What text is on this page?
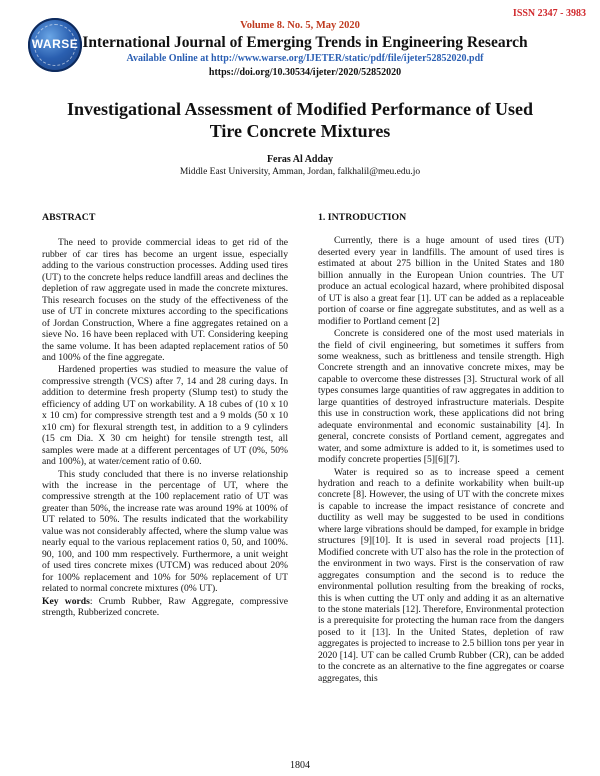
WARSE
ISSN 2347 - 3983
Volume 8. No. 5, May 2020
International Journal of Emerging Trends in Engineering Research
Available Online at http://www.warse.org/IJETER/static/pdf/file/ijeter52852020.pdf
https://doi.org/10.30534/ijeter/2020/52852020
Investigational Assessment of Modified Performance of Used Tire Concrete Mixtures
Feras Al Adday
Middle East University, Amman, Jordan, falkhalil@meu.edu.jo
ABSTRACT

The need to provide commercial ideas to get rid of the rubber of car tires has become an urgent issue, especially adding to the various construction processes. Adding used tires (UT) to the concrete helps reduce landfill areas and declines the depletion of raw aggregate used in made the concrete mixtures. This research focuses on the study of the effectiveness of the use of UT in concrete mixtures according to the specifications of Jordan Construction, Where a fine aggregates retained on a sieve No. 16 have been replaced with UT. Considering keeping the same volume. It has been adapted replacement ratios of 50 and 100% of the fine aggregate.

Hardened properties was studied to measure the value of compressive strength (VCS) after 7, 14 and 28 curing days. In addition to determine fresh property (Slump test) to study the efficiency of adding UT on workability. A 18 cubes of (10 x 10 x 10 cm) for compressive strength test and a 9 molds (50 x 10 x10 cm) for flexural strength test, in addition to a 9 cylinders (15 cm Dia. X 30 cm height) for tensile strength test, all samples were made at a different percentages of UT (0%, 50% and 100%), at water/cement ratio of 0.60.

This study concluded that there is no inverse relationship with the increase in the percentage of UT, where the compressive strength at the 100 replacement ratio of UT was greater than 50%, the increase rate was around 19% at 100% of UT related to 50%. The results indicated that the workability value was not considerably affected, where the slump value was nearly equal to the various replacement ratios 0, 50, and 100%. 90, 100, and 100 mm respectively. Furthermore, a unit weight of used tires concrete mixes (UTCM) was reduced about 20% for 100% replacement and 10% for 50% replacement of UT related to normal concrete mixtures (0% UT).

Key words: Crumb Rubber, Raw Aggregate, compressive strength, Rubberized concrete.

1. INTRODUCTION

Currently, there is a huge amount of used tires (UT) deserted every year in landfills. The amount of used tires is estimated at about 275 billion in the United States and 180 billion annually in the European Union countries. The UT produce an actual ecological hazard, where prohibited disposal of UT is also a great fear [1]. UT can be added as a replaceable portion of coarse or fine aggregate substitutes, and as well as a modifier to Portland cement [2]

Concrete is considered one of the most used materials in the field of civil engineering, but sometimes it suffers from some weakness, such as brittleness and tensile strength. High Concrete strength and an innovative concrete mixes, may be capable to overcome these distresses [3]. Structural work of all types consumes large quantities of raw aggregates in addition to large quantities of destroyed infrastructure materials. Despite this use in construction work, these applications did not bring adequate environmental and economic sustainability [4]. In general, concrete consists of Portland cement, aggregates and water, and some admixture is added to it, is sometimes used to modify concrete properties [5][6][7].

Water is required so as to increase speed a cement hydration and reach to a definite workability when built-up concrete [8]. However, the using of UT with the concrete mixes is capable to increase the impact resistance of concrete and ductility as well may be suggested to be used in conditions where large vibrations should be damped, for example in bridge structures [9][10]. It is used in several road projects [11]. Modified concrete with UT also has the role in the protection of the environment in two ways. First is the conservation of raw aggregates consumption and the second is to reduce the environmental pollution resulting from the breaking of rocks, this is when cutting the UT only and adding it as an alternative to the stone materials [12]. Therefore, Environmental protection is a prerequisite for protecting the human race from the dangers posed to it [13]. In the United States, depletion of raw aggregates is projected to increase to 2.5 billion tons per year in 2020 [14]. UT can be called Crumb Rubber (CR), can be added to the concrete as an alternative to the fine aggregates or coarse aggregates, this

1804
